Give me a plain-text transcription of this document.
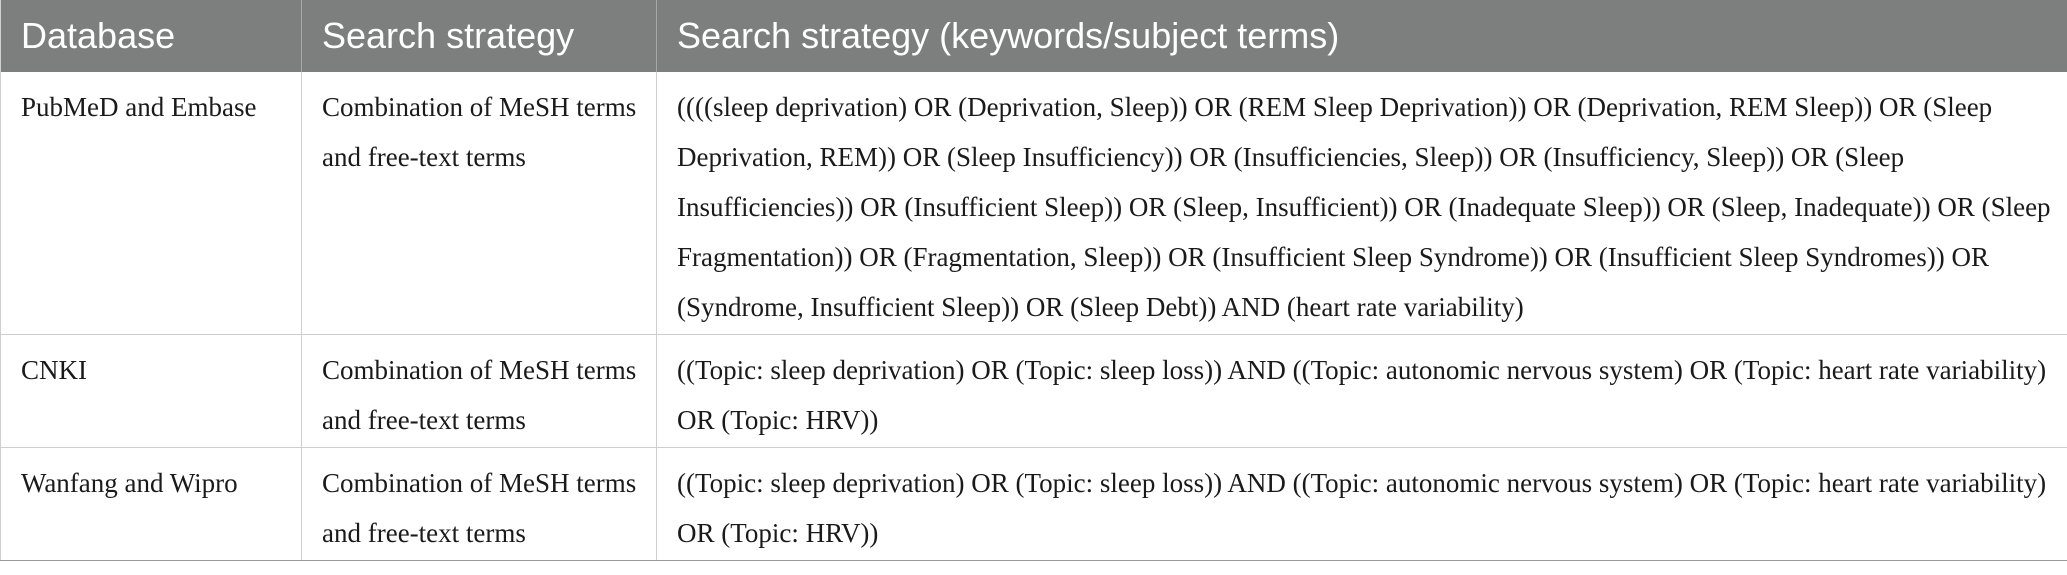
Database	Search strategy	Search strategy (keywords/subject terms)
PubMeD and Embase	Combination of MeSH terms and free-text terms	((((sleep deprivation) OR (Deprivation, Sleep)) OR (REM Sleep Deprivation)) OR (Deprivation, REM Sleep)) OR (Sleep Deprivation, REM)) OR (Sleep Insufficiency)) OR (Insufficiencies, Sleep)) OR (Insufficiency, Sleep)) OR (Sleep Insufficiencies)) OR (Insufficient Sleep)) OR (Sleep, Insufficient)) OR (Inadequate Sleep)) OR (Sleep, Inadequate)) OR (Sleep Fragmentation)) OR (Fragmentation, Sleep)) OR (Insufficient Sleep Syndrome)) OR (Insufficient Sleep Syndromes)) OR (Syndrome, Insufficient Sleep)) OR (Sleep Debt)) AND (heart rate variability)
CNKI	Combination of MeSH terms and free-text terms	((Topic: sleep deprivation) OR (Topic: sleep loss)) AND ((Topic: autonomic nervous system) OR (Topic: heart rate variability) OR (Topic: HRV))
Wanfang and Wipro	Combination of MeSH terms and free-text terms	((Topic: sleep deprivation) OR (Topic: sleep loss)) AND ((Topic: autonomic nervous system) OR (Topic: heart rate variability) OR (Topic: HRV))
